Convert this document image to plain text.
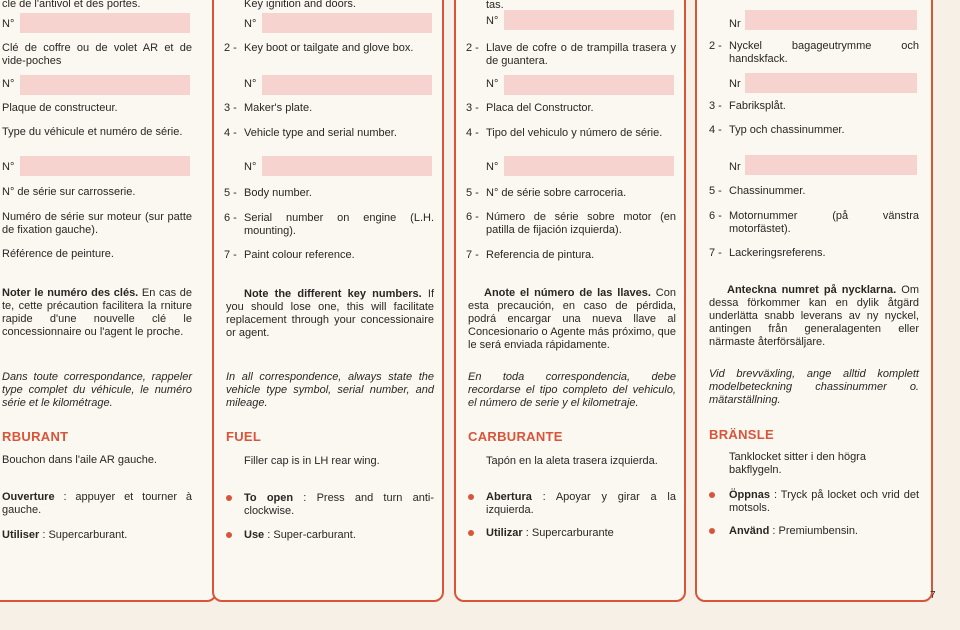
cle de l'antivol et des portes.
N°
Clé de coffre ou de volet AR et de vide-poches
N°
Plaque de constructeur.
Type du véhicule et numéro de série.
N°
N° de série sur carrosserie.
Numéro de série sur moteur (sur patte de fixation gauche).
Référence de peinture.
Noter le numéro des clés. En cas de te, cette précaution facilitera la rniture rapide d'une nouvelle clé le concessionnaire ou l'agent le proche.
Dans toute correspondance, rappeler type complet du véhicule, le numéro série et le kilométrage.
RBURANT
Bouchon dans l'aile AR gauche.
Ouverture : appuyer et tourner à gauche.
Utiliser : Supercarburant.
Key ignition and doors.
N°
2 - Key boot or tailgate and glove box.
N°
3 - Maker's plate.
4 - Vehicle type and serial number.
N°
5 - Body number.
6 - Serial number on engine (L.H. mounting).
7 - Paint colour reference.
Note the different key numbers. If you should lose one, this will facilitate replacement through your concessionaire or agent.
In all correspondence, always state the vehicle type symbol, serial number, and mileage.
FUEL
Filler cap is in LH rear wing.
To open : Press and turn anti-clockwise.
Use : Super-carburant.
tas.
N°
2 - Llave de cofre o de trampilla trasera y de guantera.
N°
3 - Placa del Constructor.
4 - Tipo del vehiculo y número de série.
N°
5 - N° de série sobre carroceria.
6 - Número de série sobre motor (en patilla de fijación izquierda).
7 - Referencia de pintura.
Anote el número de las llaves. Con esta precaución, en caso de pérdida, podrá encargar una nueva llave al Concesionario o Agente más próximo, que le será enviada rápidamente.
En toda correspondencia, debe recordarse el tipo completo del vehiculo, el número de serie y el kilometraje.
CARBURANTE
Tapón en la aleta trasera izquierda.
Abertura : Apoyar y girar a la izquierda.
Utilizar : Supercarburante
Nr
2 - Nyckel bagageutrymme och handskfack.
Nr
3 - Fabriksplåt.
4 - Typ och chassinummer.
Nr
5 - Chassinummer.
6 - Motornummer (på vänstra motorfästet).
7 - Lackeringsreferens.
Anteckna numret på nycklarna. Om dessa förkommer kan en dylik åtgärd underlätta snabb leverans av ny nyckel, antingen från generalagenten eller närmaste återförsäljare.
Vid brevväxling, ange alltid komplett modelbeteckning chassinummer o. mätarställning.
BRÄNSLE
Tanklocket sitter i den högra bakflygeln.
Öppnas : Tryck på locket och vrid det motsols.
Använd : Premiumbensin.
7
